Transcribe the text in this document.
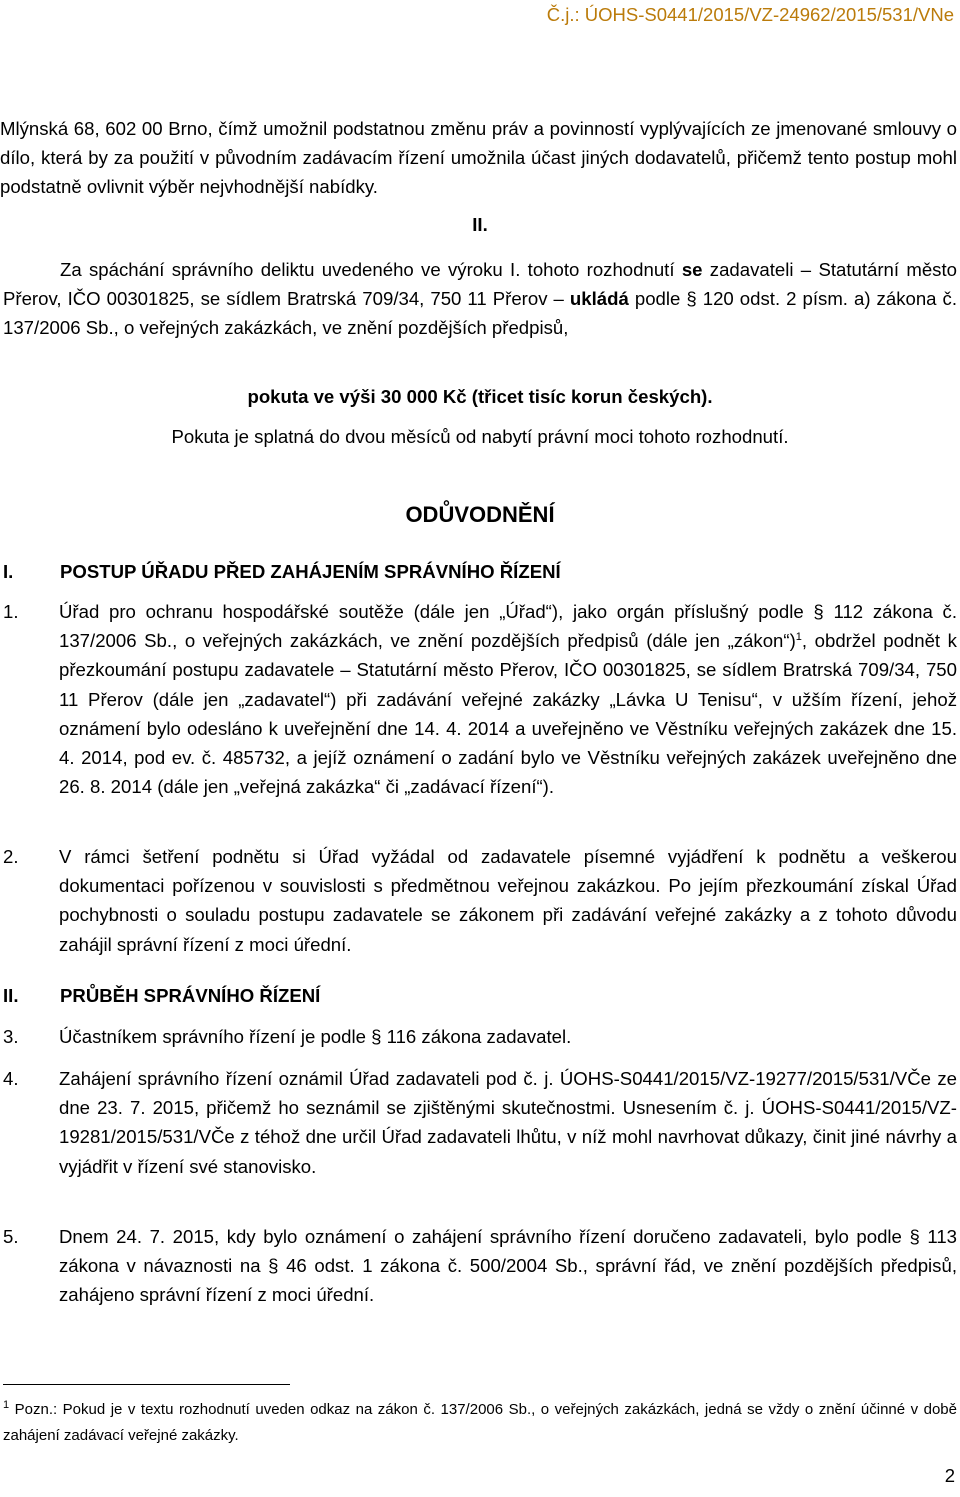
Č.j.: ÚOHS-S0441/2015/VZ-24962/2015/531/VNe

Mlýnská 68, 602 00 Brno, čímž umožnil podstatnou změnu práv a povinností vyplývajících ze jmenované smlouvy o dílo, která by za použití v původním zadávacím řízení umožnila účast jiných dodavatelů, přičemž tento postup mohl podstatně ovlivnit výběr nejvhodnější nabídky.

II.

Za spáchání správního deliktu uvedeného ve výroku I. tohoto rozhodnutí se zadavateli – Statutární město Přerov, IČO 00301825, se sídlem Bratrská 709/34, 750 11 Přerov – ukládá podle § 120 odst. 2 písm. a) zákona č. 137/2006 Sb., o veřejných zakázkách, ve znění pozdějších předpisů,

pokuta ve výši 30 000 Kč (třicet tisíc korun českých).
Pokuta je splatná do dvou měsíců od nabytí právní moci tohoto rozhodnutí.
ODŮVODNĚNÍ
I.	POSTUP ÚŘADU PŘED ZAHÁJENÍM SPRÁVNÍHO ŘÍZENÍ
1. Úřad pro ochranu hospodářské soutěže (dále jen „Úřad“), jako orgán příslušný podle § 112 zákona č. 137/2006 Sb., o veřejných zakázkách, ve znění pozdějších předpisů (dále jen „zákon“)$^1$, obdržel podnět k přezkoumání postupu zadavatele – Statutární město Přerov, IČO 00301825, se sídlem Bratrská 709/34, 750 11 Přerov (dále jen „zadavatel“) při zadávání veřejné zakázky „Lávka U Tenisu“, v užším řízení, jehož oznámení bylo odesláno k uveřejnění dne 14. 4. 2014 a uveřejněno ve Věstníku veřejných zakázek dne 15. 4. 2014, pod ev. č. 485732, a jejíž oznámení o zadání bylo ve Věstníku veřejných zakázek uveřejněno dne 26. 8. 2014 (dále jen „veřejná zakázka“ či „zadávací řízení“).
2. V rámci šetření podnětu si Úřad vyžádal od zadavatele písemné vyjádření k podnětu a veškerou dokumentaci pořízenou v souvislosti s předmětnou veřejnou zakázkou. Po jejím přezkoumání získal Úřad pochybnosti o souladu postupu zadavatele se zákonem při zadávání veřejné zakázky a z tohoto důvodu zahájil správní řízení z moci úřední.
II. PRŮBĚH SPRÁVNÍHO ŘÍZENÍ
3. Účastníkem správního řízení je podle § 116 zákona zadavatel.
4. Zahájení správního řízení oznámil Úřad zadavateli pod č. j. ÚOHS-S0441/2015/VZ-19277/2015/531/VČe ze dne 23. 7. 2015, přičemž ho seznámil se zjištěnými skutečnostmi. Usnesením č. j. ÚOHS-S0441/2015/VZ-19281/2015/531/VČe z téhož dne určil Úřad zadavateli lhůtu, v níž mohl navrhovat důkazy, činit jiné návrhy a vyjádřit v řízení své stanovisko.
5. Dnem 24. 7. 2015, kdy bylo oznámení o zahájení správního řízení doručeno zadavateli, bylo podle § 113 zákona v návaznosti na § 46 odst. 1 zákona č. 500/2004 Sb., správní řád, ve znění pozdějších předpisů, zahájeno správní řízení z moci úřední.
$^1$ Pozn.: Pokud je v textu rozhodnutí uveden odkaz na zákon č. 137/2006 Sb., o veřejných zakázkách, jedná se vždy o znění účinné v době zahájení zadávací veřejné zakázky.
2
